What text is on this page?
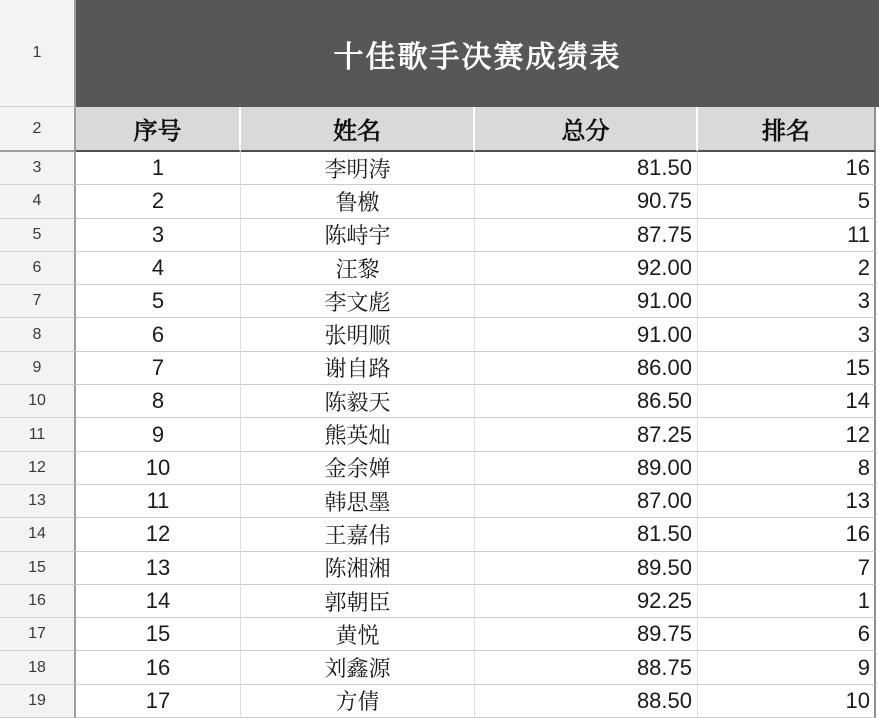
1	十佳歌手决赛成绩表
2	序号	姓名	总分	排名
3	1	李明涛	81.50	16
4	2	鲁檄	90.75	5
5	3	陈峙宇	87.75	11
6	4	汪黎	92.00	2
7	5	李文彪	91.00	3
8	6	张明顺	91.00	3
9	7	谢自路	86.00	15
10	8	陈毅天	86.50	14
11	9	熊英灿	87.25	12
12	10	金余婵	89.00	8
13	11	韩思墨	87.00	13
14	12	王嘉伟	81.50	16
15	13	陈湘湘	89.50	7
16	14	郭朝臣	92.25	1
17	15	黄悦	89.75	6
18	16	刘鑫源	88.75	9
19	17	方倩	88.50	10
